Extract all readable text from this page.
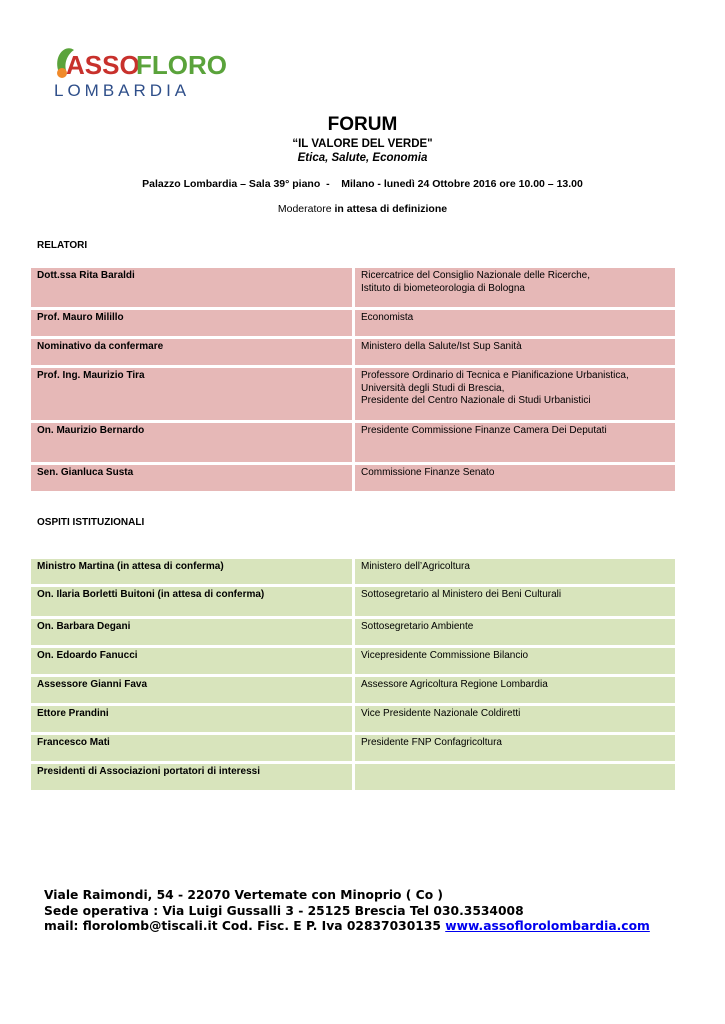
ASSO
FLORO
LOMBARDIA
FORUM
“IL VALORE DEL VERDE"
Etica, Salute, Economia
Palazzo Lombardia – Sala 39° piano  -    Milano - lunedì 24 Ottobre 2016 ore 10.00 – 13.00
Moderatore in attesa di definizione
RELATORI
Dott.ssa Rita Baraldi	Ricercatrice del Consiglio Nazionale delle Ricerche,
Istituto di biometeorologia di Bologna
Prof. Mauro Milillo	Economista
Nominativo da confermare	Ministero della Salute/Ist Sup Sanità
Prof. Ing. Maurizio Tira	Professore Ordinario di Tecnica e Pianificazione Urbanistica,
Università degli Studi di Brescia,
Presidente del Centro Nazionale di Studi Urbanistici
On. Maurizio Bernardo	Presidente Commissione Finanze Camera Dei Deputati
Sen. Gianluca Susta	Commissione Finanze Senato
OSPITI ISTITUZIONALI
Ministro Martina (in attesa di conferma)	Ministero dell’Agricoltura
On. Ilaria Borletti Buitoni (in attesa di conferma)	Sottosegretario al Ministero dei Beni Culturali
On. Barbara Degani	Sottosegretario Ambiente
On. Edoardo Fanucci	Vicepresidente Commissione Bilancio
Assessore Gianni Fava	Assessore Agricoltura Regione Lombardia
Ettore Prandini	Vice Presidente Nazionale Coldiretti
Francesco Mati	Presidente FNP Confagricoltura
Presidenti di Associazioni portatori di interessi
Viale Raimondi, 54 - 22070 Vertemate con Minoprio ( Co )
Sede operativa : Via Luigi Gussalli 3 - 25125 Brescia Tel 030.3534008
mail: florolomb@tiscali.it Cod. Fisc. E P. Iva 02837030135 www.assoflorolombardia.com
